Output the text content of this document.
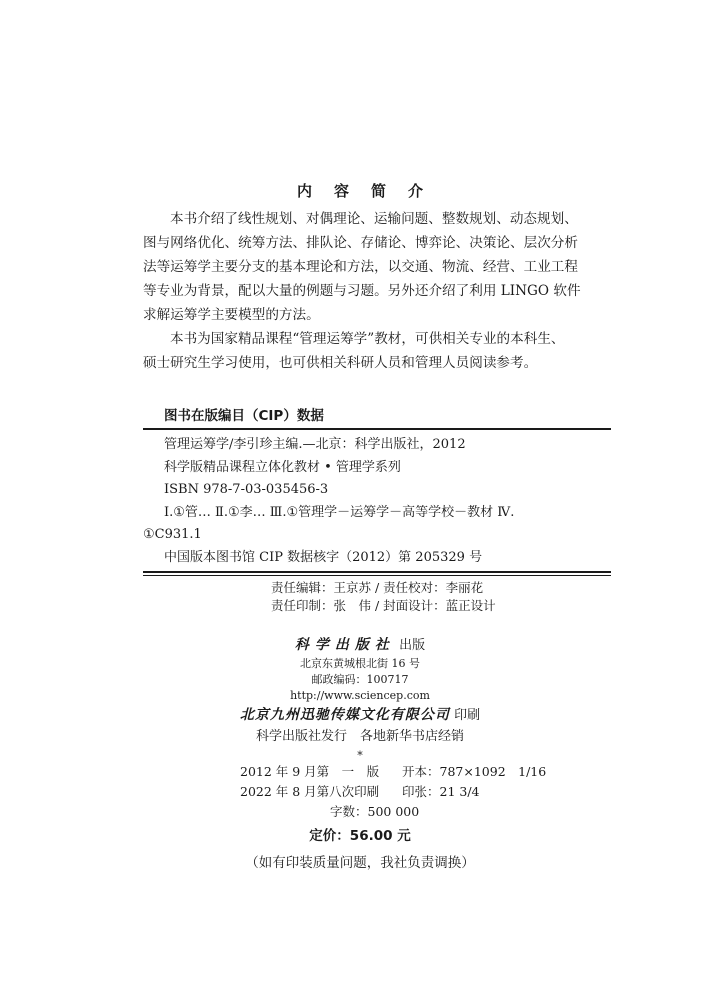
内容简介
本书介绍了线性规划、对偶理论、运输问题、整数规划、动态规划、
图与网络优化、统筹方法、排队论、存储论、博弈论、决策论、层次分析
法等运筹学主要分支的基本理论和方法，以交通、物流、经营、工业工程
等专业为背景，配以大量的例题与习题。另外还介绍了利用 LINGO 软件
求解运筹学主要模型的方法。
本书为国家精品课程“管理运筹学”教材，可供相关专业的本科生、
硕士研究生学习使用，也可供相关科研人员和管理人员阅读参考。
图书在版编目（CIP）数据
管理运筹学/李引珍主编.—北京：科学出版社，2012
科学版精品课程立体化教材 • 管理学系列
ISBN 978-7-03-035456-3
Ⅰ.①管… Ⅱ.①李… Ⅲ.①管理学－运筹学－高等学校－教材 Ⅳ.
①C931.1
中国版本图书馆 CIP 数据核字（2012）第 205329 号
责任编辑：王京苏 / 责任校对：李丽花
责任印制：张　伟 / 封面设计：蓝正设计
科学出版社 出版
北京东黄城根北街 16 号
邮政编码：100717
http://www.sciencep.com
北京九州迅驰传媒文化有限公司 印刷
科学出版社发行　各地新华书店经销
*
2012 年 9 月第　一　版 开本：787×1092　1/16
2022 年 8 月第八次印刷 印张：21 3/4
字数：500 000
定价：56.00 元
（如有印装质量问题，我社负责调换）
